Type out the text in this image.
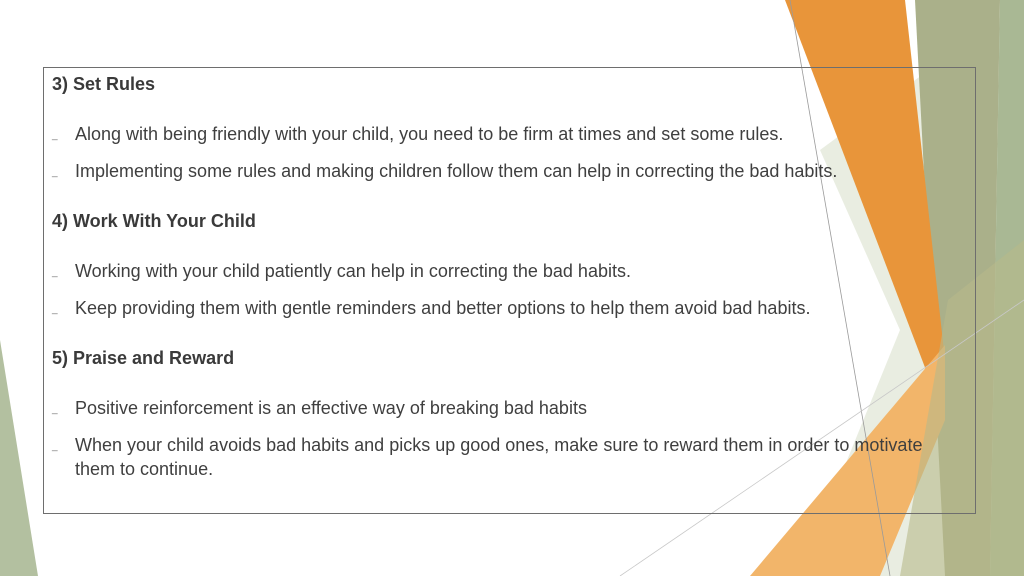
3) Set Rules
_ Along with being friendly with your child, you need to be firm at times and set some rules.
_ Implementing some rules and making children follow them can help in correcting the bad habits.
4) Work With Your Child
_ Working with your child patiently can help in correcting the bad habits.
_ Keep providing them with gentle reminders and better options to help them avoid bad habits.
5) Praise and Reward
_ Positive reinforcement is an effective way of breaking bad habits
_ When your child avoids bad habits and picks up good ones, make sure to reward them in order to motivate them to continue.
